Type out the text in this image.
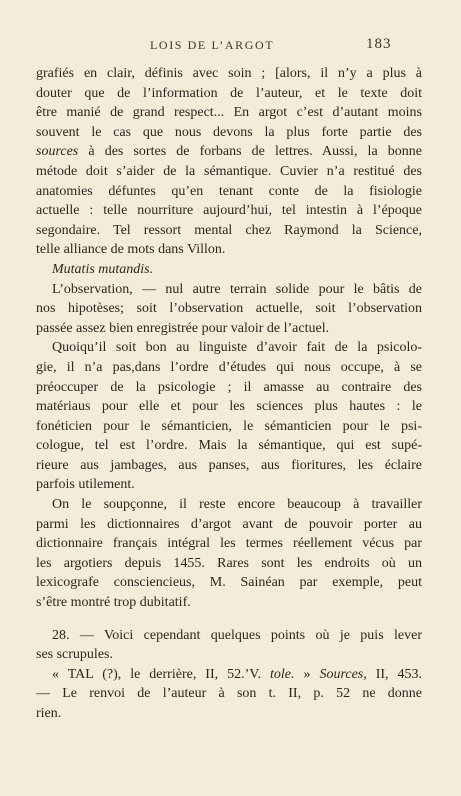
LOIS DE L’ARGOT	183
grafiés en clair, définis avec soin ; [alors, il n’y a plus à
douter que de l’information de l’auteur, et le texte doit
être manié de grand respect... En argot c’est d’autant moins
souvent le cas que nous devons la plus forte partie des
sources à des sortes de forbans de lettres. Aussi, la bonne
métode doit s’aider de la sémantique. Cuvier n’a restitué des
anatomies défuntes qu’en tenant conte de la fisiologie
actuelle : telle nourriture aujourd’hui, tel intestin à l’époque
segondaire. Tel ressort mental chez Raymond la Science,
telle alliance de mots dans Villon.
Mutatis mutandis.
L’observation, — nul autre terrain solide pour le bâtis de
nos hipotèses; soit l’observation actuelle, soit l’observation
passée assez bien enregistrée pour valoir de l’actuel.
Quoiqu’il soit bon au linguiste d’avoir fait de la psicolo-
gie, il n’a pas,dans l’ordre d’études qui nous occupe, à se
préoccuper de la psicologie ; il amasse au contraire des
matériaus pour elle et pour les sciences plus hautes : le
fonéticien pour le sémanticien, le sémanticien pour le psi-
cologue, tel est l’ordre. Mais la sémantique, qui est supé-
rieure aus jambages, aus panses, aus fioritures, les éclaire
parfois utilement.
On le soupçonne, il reste encore beaucoup à travailler
parmi les dictionnaires d’argot avant de pouvoir porter au
dictionnaire français intégral les termes réellement vécus par
les argotiers depuis 1455. Rares sont les endroits où un
lexicografe consciencieus, M. Sainéan par exemple, peut
s’être montré trop dubitatif.
28. — Voici cependant quelques points où je puis lever
ses scrupules.
« TAL (?), le derrière, II, 52.’V. tole. » Sources, II, 453.
— Le renvoi de l’auteur à son t. II, p. 52 ne donne
rien.
